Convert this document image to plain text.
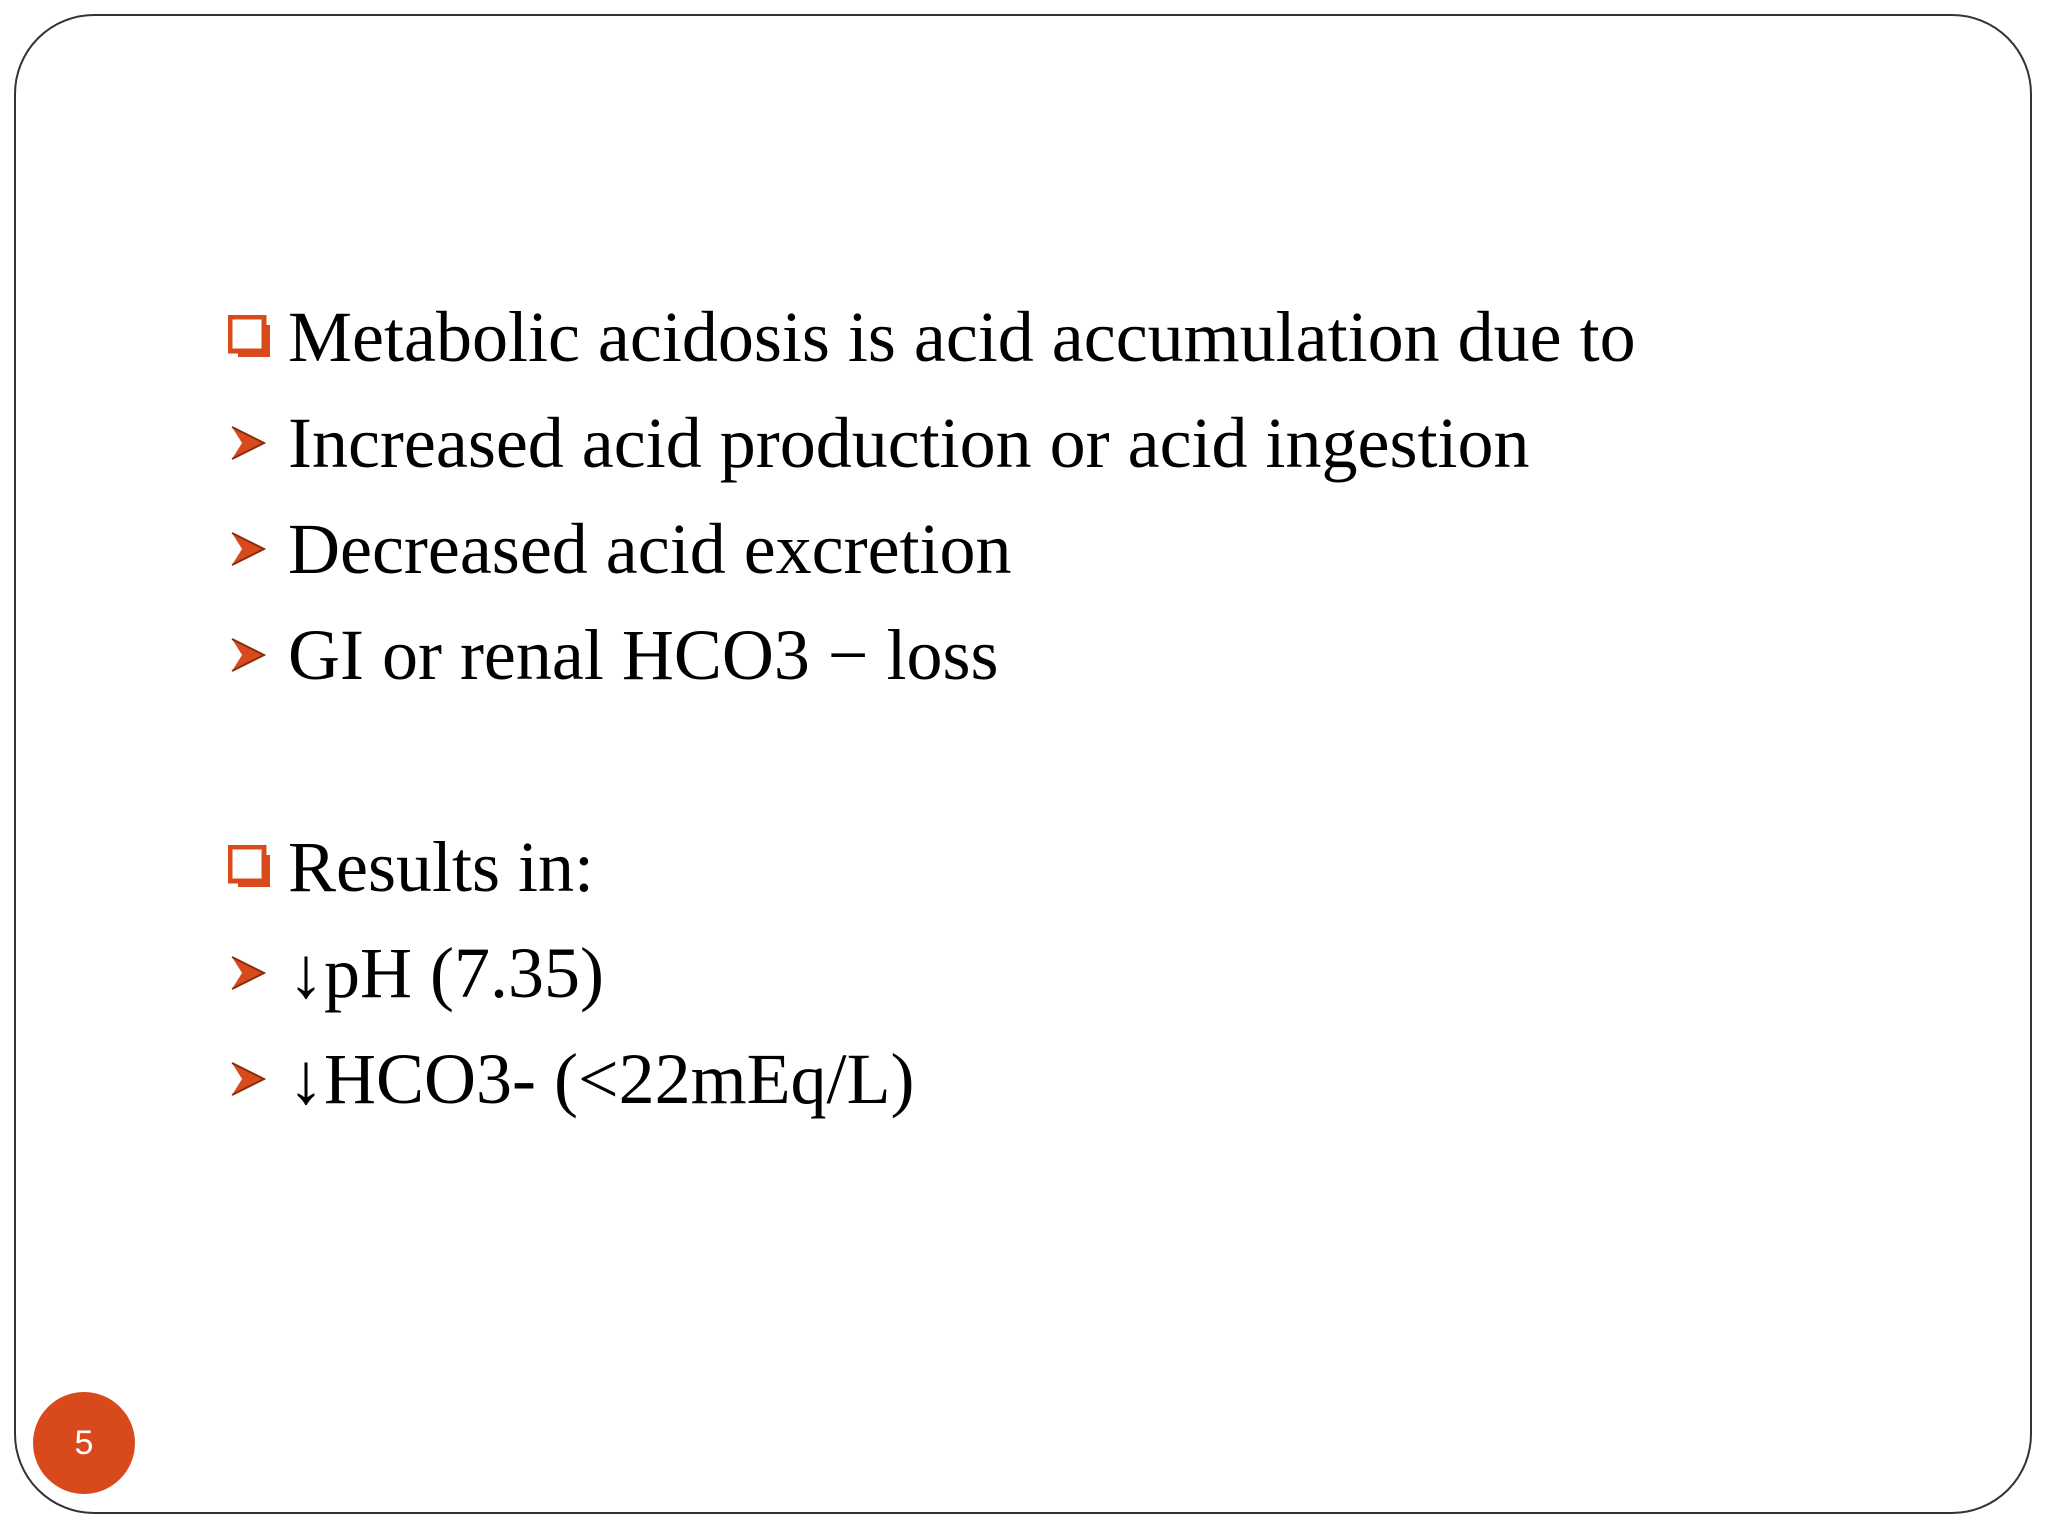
Metabolic acidosis is acid accumulation due to
Increased acid production or acid ingestion
Decreased acid excretion
GI or renal HCO3 − loss
Results in:
↓pH (7.35)
↓HCO3- (<22mEq/L)
5
